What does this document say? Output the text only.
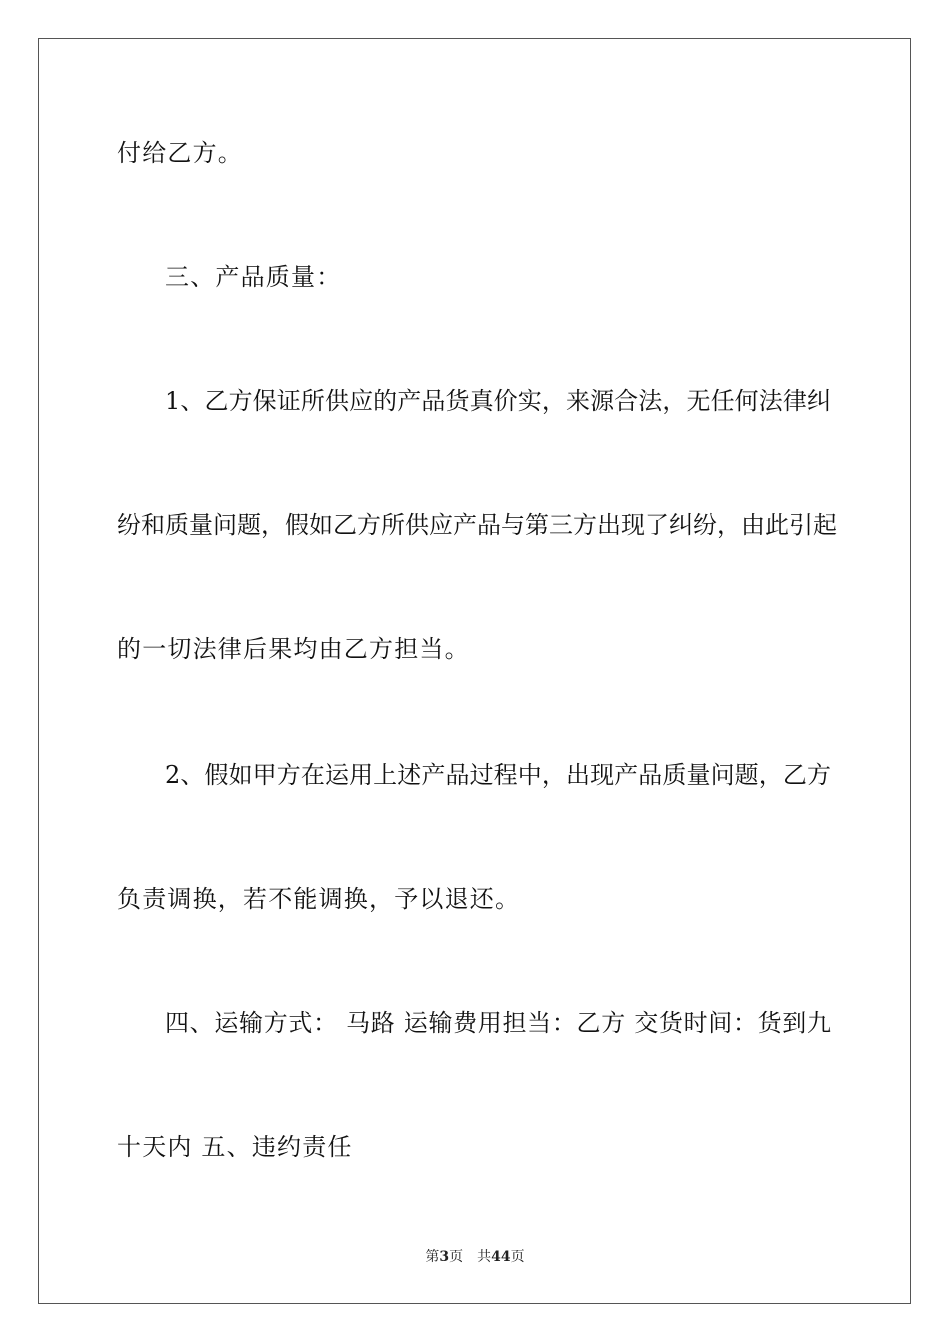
付给乙方。
三、产品质量：
1、乙方保证所供应的产品货真价实，来源合法，无任何法律纠
纷和质量问题，假如乙方所供应产品与第三方出现了纠纷，由此引起
的一切法律后果均由乙方担当。
2、假如甲方在运用上述产品过程中，出现产品质量问题，乙方
负责调换，若不能调换，予以退还。
四、运输方式： 马路 运输费用担当：乙方 交货时间：货到九
十天内 五、违约责任
第3页 共44页
